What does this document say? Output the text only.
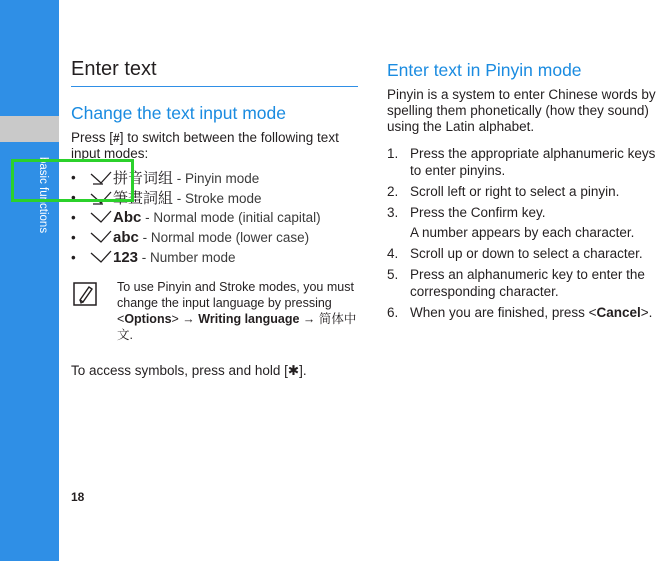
basic functions
18
Enter text
Change the text input mode

Press [#] to switch between the following text input modes:

• 拼音词组 - Pinyin mode
• 筆畫詞組 - Stroke mode
• Abc - Normal mode (initial capital)
• abc - Normal mode (lower case)
• 123 - Number mode
To use Pinyin and Stroke modes, you must change the input language by pressing <Options> → Writing language → 简体中文.

To access symbols, press and hold [✱].

Enter text in Pinyin mode

Pinyin is a system to enter Chinese words by spelling them phonetically (how they sound) using the Latin alphabet.

1. Press the appropriate alphanumeric keys to enter pinyins.
2. Scroll left or right to select a pinyin.
3. Press the Confirm key.
A number appears by each character.
4. Scroll up or down to select a character.
5. Press an alphanumeric key to enter the corresponding character.
6. When you are finished, press <Cancel>.
